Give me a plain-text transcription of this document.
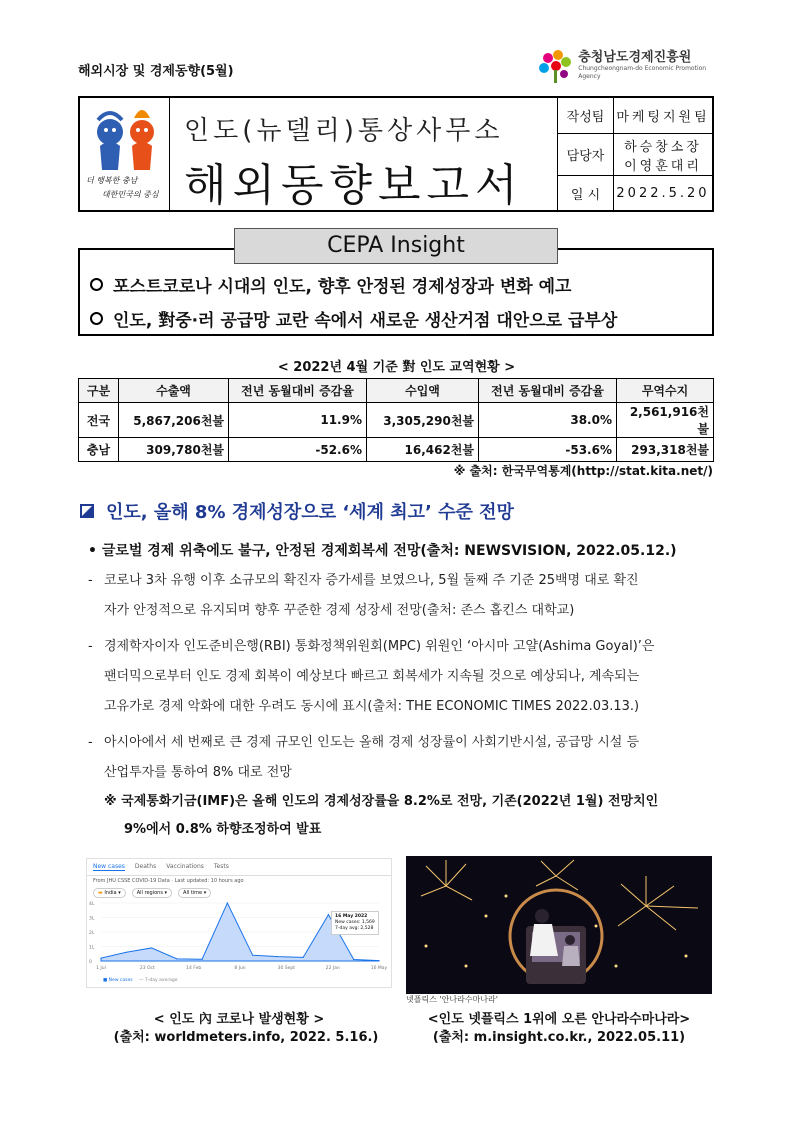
해외시장 및 경제동향(5월)
충청남도경제진흥원
Chungcheongnam-do Economic Promotion Agency
더 행복한 충남
대한민국의 중심
인도(뉴델리)통상사무소
해외동향보고서
작성팀 마케팅지원팀
담당자
하승창소장
이영훈대리
일 시	2022.5.20
CEPA Insight
포스트코로나 시대의 인도, 향후 안정된 경제성장과 변화 예고
인도, 對중·러 공급망 교란 속에서 새로운 생산거점 대안으로 급부상
< 2022년 4월 기준 對 인도 교역현황 >
구분	수출액	전년 동월대비 증감율	수입액	전년 동월대비 증감율	무역수지
전국	5,867,206천불	11.9%	3,305,290천불	38.0%	2,561,916천불
충남	309,780천불	-52.6%	16,462천불	-53.6%	293,318천불
※ 출처: 한국무역통계(http://stat.kita.net/)
인도, 올해 8% 경제성장으로 ‘세계 최고’ 수준 전망
• 글로벌 경제 위축에도 불구, 안정된 경제회복세 전망(출처: NEWSVISION, 2022.05.12.)
- 코로나 3차 유행 이후 소규모의 확진자 증가세를 보였으나, 5월 둘째 주 기준 25백명 대로 확진
자가 안정적으로 유지되며 향후 꾸준한 경제 성장세 전망(출처: 존스 홉킨스 대학교)
- 경제학자이자 인도준비은행(RBI) 통화정책위원회(MPC) 위원인 ‘아시마 고얄(Ashima Goyal)’은
팬더믹으로부터 인도 경제 회복이 예상보다 빠르고 회복세가 지속될 것으로 예상되나, 계속되는
고유가로 경제 악화에 대한 우려도 동시에 표시(출처: THE ECONOMIC TIMES 2022.03.13.)
- 아시아에서 세 번째로 큰 경제 규모인 인도는 올해 경제 성장률이 사회기반시설, 공급망 시설 등
산업투자를 통하여 8% 대로 전망
※ 국제통화기금(IMF)은 올해 인도의 경제성장률을 8.2%로 전망, 기존(2022년 1월) 전망치인
9%에서 0.8% 하향조정하여 발표
New cases Deaths Vaccinations Tests
From JHU CSSE COVID-19 Data · Last updated: 10 hours ago
▬ India ▾	All regions ▾	All time ▾
4L
3L
2L
1L
0
1 Jul	23 Oct	14 Feb	8 Jun	30 Sept	22 Jan	16 May
■ New cases — 7-day average
16 May 2022
New cases: 1,569
7-day avg: 2,528
넷플릭스 '안나라수마나라'
< 인도 內 코로나 발생현황 >
(출처: worldmeters.info, 2022. 5.16.)
<인도 넷플릭스 1위에 오른 안나라수마나라>
(출처: m.insight.co.kr., 2022.05.11)
